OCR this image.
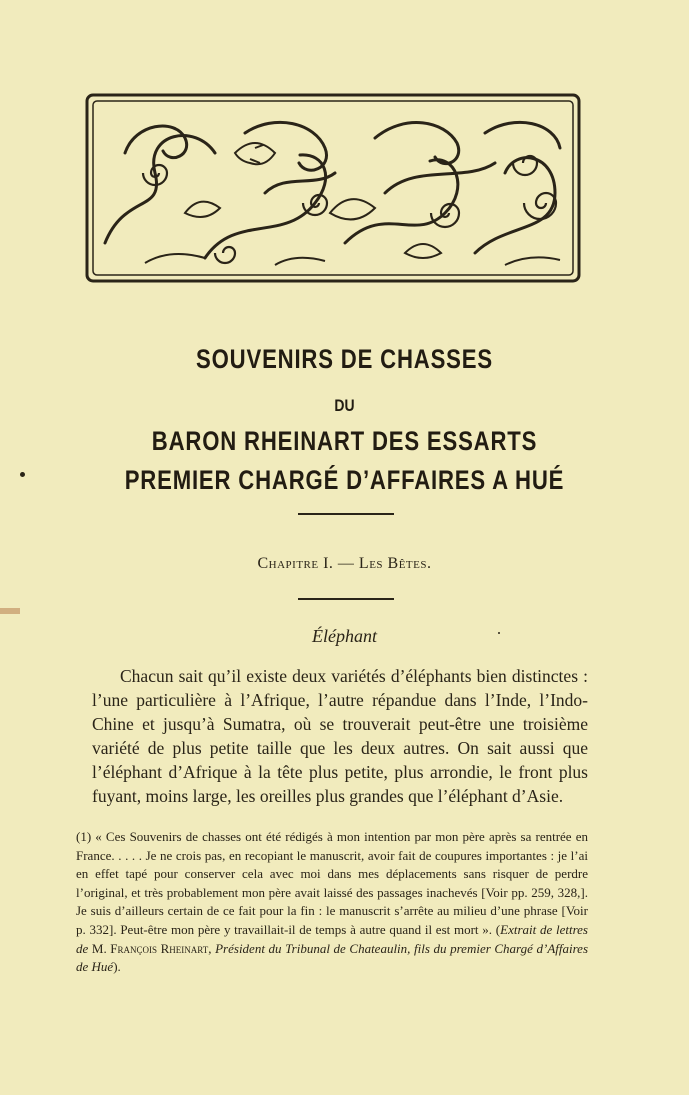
SOUVENIRS DE CHASSES
DU
BARON RHEINART DES ESSARTS
PREMIER CHARGÉ D’AFFAIRES A HUÉ
Chapitre I. — Les Bêtes.
Éléphant

Chacun sait qu’il existe deux variétés d’éléphants bien distinctes : l’une particulière à l’Afrique, l’autre répandue dans l’Inde, l’Indo-Chine et jusqu’à Sumatra, où se trouverait peut-être une troisième variété de plus petite taille que les deux autres. On sait aussi que l’éléphant d’Afrique à la tête plus petite, plus arrondie, le front plus fuyant, moins large, les oreilles plus grandes que l’éléphant d’Asie.

(1) « Ces Souvenirs de chasses ont été rédigés à mon intention par mon père après sa rentrée en France. . . . . Je ne crois pas, en recopiant le manuscrit, avoir fait de coupures importantes : je l’ai en effet tapé pour conserver cela avec moi dans mes déplacements sans risquer de perdre l’original, et très probablement mon père avait laissé des passages inachevés [Voir pp. 259, 328,]. Je suis d’ailleurs certain de ce fait pour la fin : le manuscrit s’arrête au milieu d’une phrase [Voir p. 332]. Peut-être mon père y travaillait-il de temps à autre quand il est mort ». (Extrait de lettres de M. François Rheinart, Président du Tribunal de Chateaulin, fils du premier Chargé d’Affaires de Hué).
